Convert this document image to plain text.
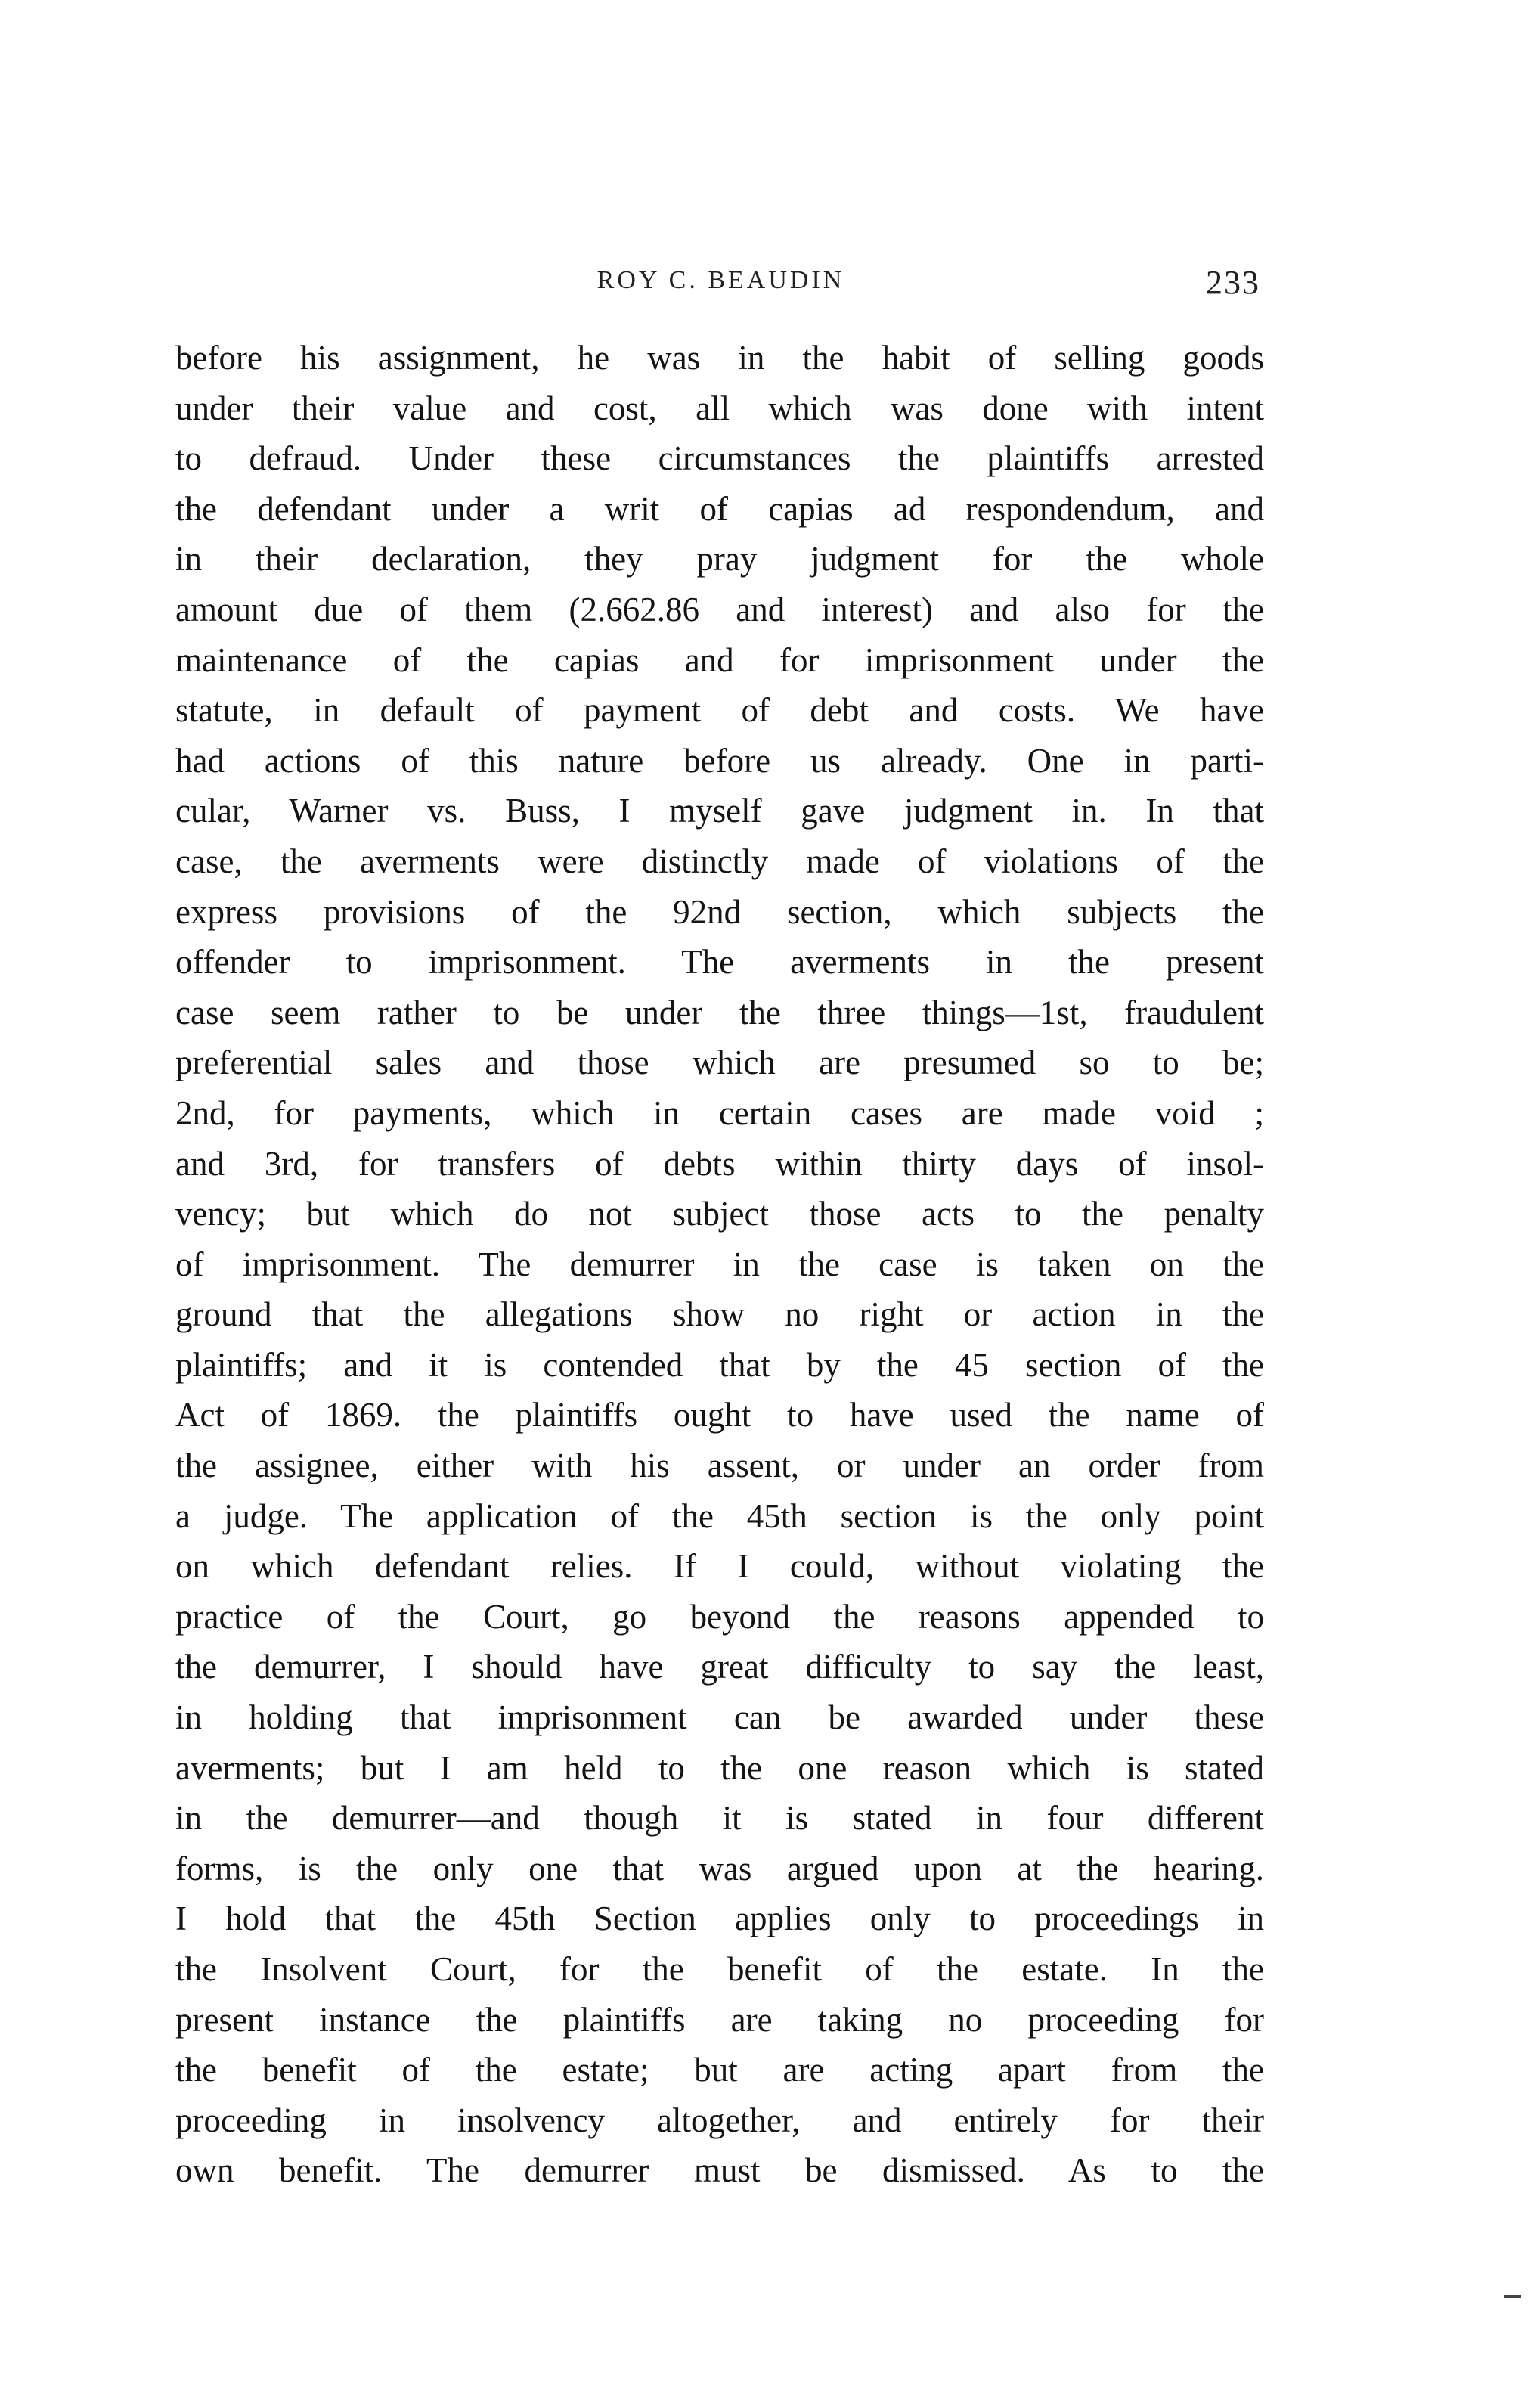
ROY C. BEAUDIN	233
before his assignment, he was in the habit of selling goods
under their value and cost, all which was done with intent
to defraud. Under these circumstances the plaintiffs arrested
the defendant under a writ of capias ad respondendum, and
in their declaration, they pray judgment for the whole
amount due of them (2.662.86 and interest) and also for the
maintenance of the capias and for imprisonment under the
statute, in default of payment of debt and costs. We have
had actions of this nature before us already. One in parti-
cular, Warner vs. Buss, I myself gave judgment in. In that
case, the averments were distinctly made of violations of the
express provisions of the 92nd section, which subjects the
offender to imprisonment. The averments in the present
case seem rather to be under the three things—1st, fraudulent
preferential sales and those which are presumed so to be;
2nd, for payments, which in certain cases are made void ;
and 3rd, for transfers of debts within thirty days of insol-
vency; but which do not subject those acts to the penalty
of imprisonment. The demurrer in the case is taken on the
ground that the allegations show no right or action in the
plaintiffs; and it is contended that by the 45 section of the
Act of 1869. the plaintiffs ought to have used the name of
the assignee, either with his assent, or under an order from
a judge. The application of the 45th section is the only point
on which defendant relies. If I could, without violating the
practice of the Court, go beyond the reasons appended to
the demurrer, I should have great difficulty to say the least,
in holding that imprisonment can be awarded under these
averments; but I am held to the one reason which is stated
in the demurrer—and though it is stated in four different
forms, is the only one that was argued upon at the hearing.
I hold that the 45th Section applies only to proceedings in
the Insolvent Court, for the benefit of the estate. In the
present instance the plaintiffs are taking no proceeding for
the benefit of the estate; but are acting apart from the
proceeding in insolvency altogether, and entirely for their
own benefit. The demurrer must be dismissed. As to the
